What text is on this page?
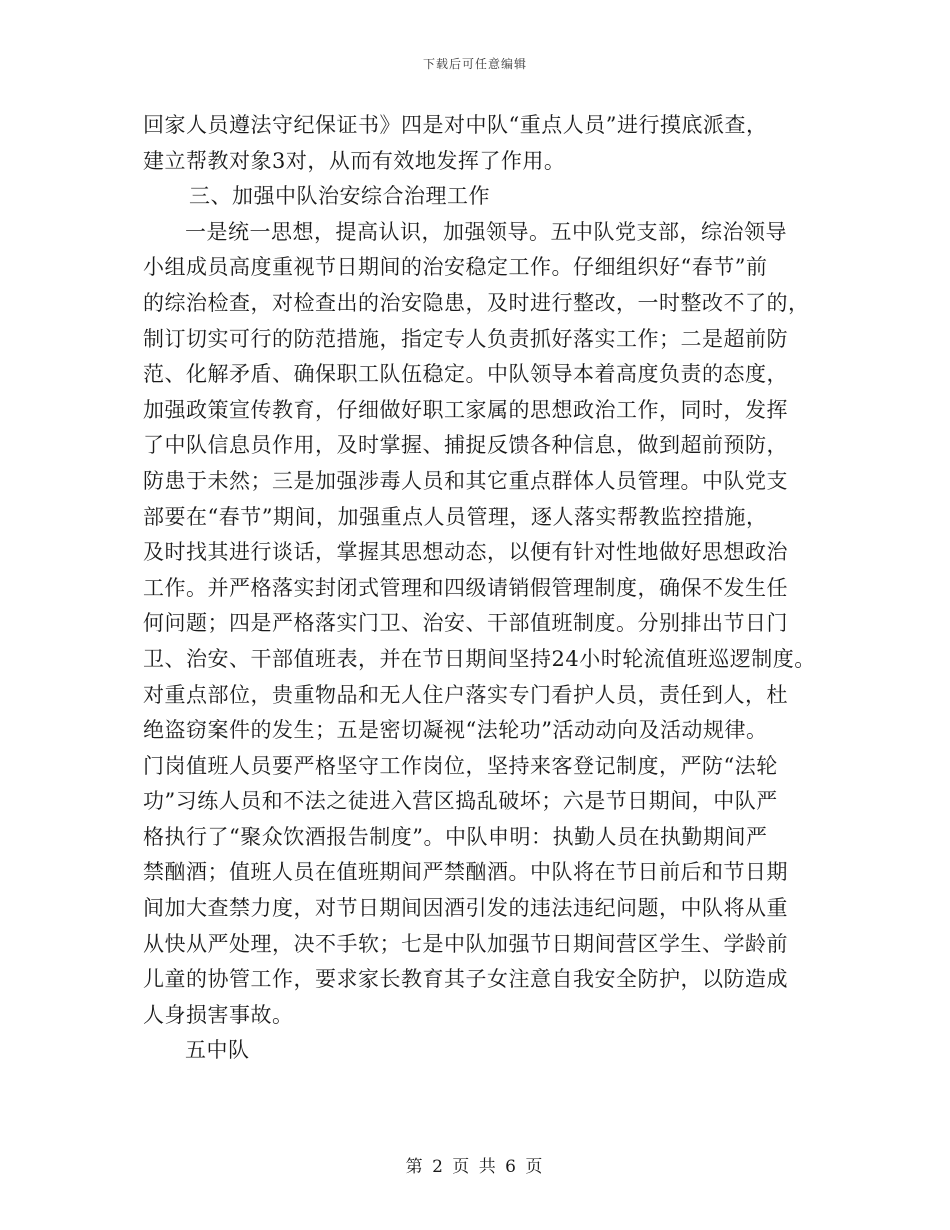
下载后可任意编辑
回家人员遵法守纪保证书》四是对中队“重点人员”进行摸底派查，
建立帮教对象3对，从而有效地发挥了作用。
三、加强中队治安综合治理工作
一是统一思想，提高认识，加强领导。五中队党支部，综治领导
小组成员高度重视节日期间的治安稳定工作。仔细组织好“春节”前
的综治检查，对检查出的治安隐患，及时进行整改，一时整改不了的，
制订切实可行的防范措施，指定专人负责抓好落实工作；二是超前防
范、化解矛盾、确保职工队伍稳定。中队领导本着高度负责的态度，
加强政策宣传教育，仔细做好职工家属的思想政治工作，同时，发挥
了中队信息员作用，及时掌握、捕捉反馈各种信息，做到超前预防，
防患于未然；三是加强涉毒人员和其它重点群体人员管理。中队党支
部要在“春节”期间，加强重点人员管理，逐人落实帮教监控措施，
及时找其进行谈话，掌握其思想动态，以便有针对性地做好思想政治
工作。并严格落实封闭式管理和四级请销假管理制度，确保不发生任
何问题；四是严格落实门卫、治安、干部值班制度。分别排出节日门
卫、治安、干部值班表，并在节日期间坚持24小时轮流值班巡逻制度。
对重点部位，贵重物品和无人住户落实专门看护人员，责任到人，杜
绝盗窃案件的发生；五是密切凝视“法轮功”活动动向及活动规律。
门岗值班人员要严格坚守工作岗位，坚持来客登记制度，严防“法轮
功”习练人员和不法之徒进入营区捣乱破坏；六是节日期间，中队严
格执行了“聚众饮酒报告制度”。中队申明：执勤人员在执勤期间严
禁酗酒；值班人员在值班期间严禁酗酒。中队将在节日前后和节日期
间加大查禁力度，对节日期间因酒引发的违法违纪问题，中队将从重
从快从严处理，决不手软；七是中队加强节日期间营区学生、学龄前
儿童的协管工作，要求家长教育其子女注意自我安全防护，以防造成
人身损害事故。
五中队
第 2 页 共 6 页
